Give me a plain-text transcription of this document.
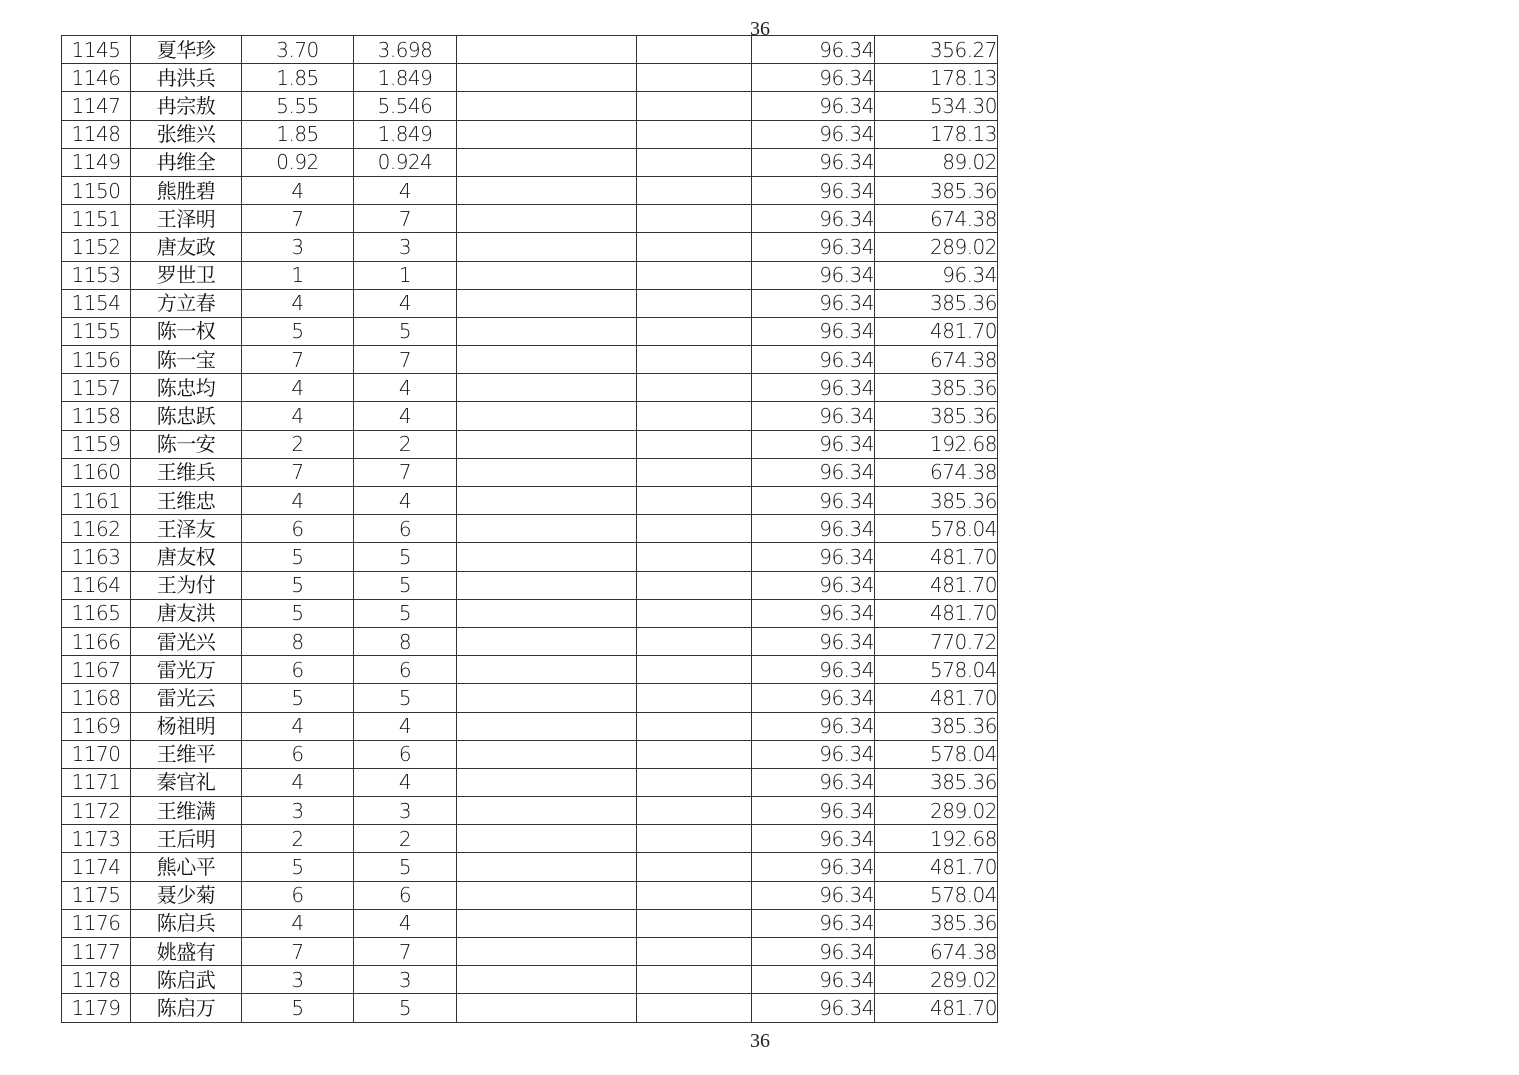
36
1145	夏华珍	3.70	3.698			96.34	356.27
1146	冉洪兵	1.85	1.849			96.34	178.13
1147	冉宗敖	5.55	5.546			96.34	534.30
1148	张维兴	1.85	1.849			96.34	178.13
1149	冉维全	0.92	0.924			96.34	89.02
1150	熊胜碧	4	4			96.34	385.36
1151	王泽明	7	7			96.34	674.38
1152	唐友政	3	3			96.34	289.02
1153	罗世卫	1	1			96.34	96.34
1154	方立春	4	4			96.34	385.36
1155	陈一权	5	5			96.34	481.70
1156	陈一宝	7	7			96.34	674.38
1157	陈忠均	4	4			96.34	385.36
1158	陈忠跃	4	4			96.34	385.36
1159	陈一安	2	2			96.34	192.68
1160	王维兵	7	7			96.34	674.38
1161	王维忠	4	4			96.34	385.36
1162	王泽友	6	6			96.34	578.04
1163	唐友权	5	5			96.34	481.70
1164	王为付	5	5			96.34	481.70
1165	唐友洪	5	5			96.34	481.70
1166	雷光兴	8	8			96.34	770.72
1167	雷光万	6	6			96.34	578.04
1168	雷光云	5	5			96.34	481.70
1169	杨祖明	4	4			96.34	385.36
1170	王维平	6	6			96.34	578.04
1171	秦官礼	4	4			96.34	385.36
1172	王维满	3	3			96.34	289.02
1173	王后明	2	2			96.34	192.68
1174	熊心平	5	5			96.34	481.70
1175	聂少菊	6	6			96.34	578.04
1176	陈启兵	4	4			96.34	385.36
1177	姚盛有	7	7			96.34	674.38
1178	陈启武	3	3			96.34	289.02
1179	陈启万	5	5			96.34	481.70
36
